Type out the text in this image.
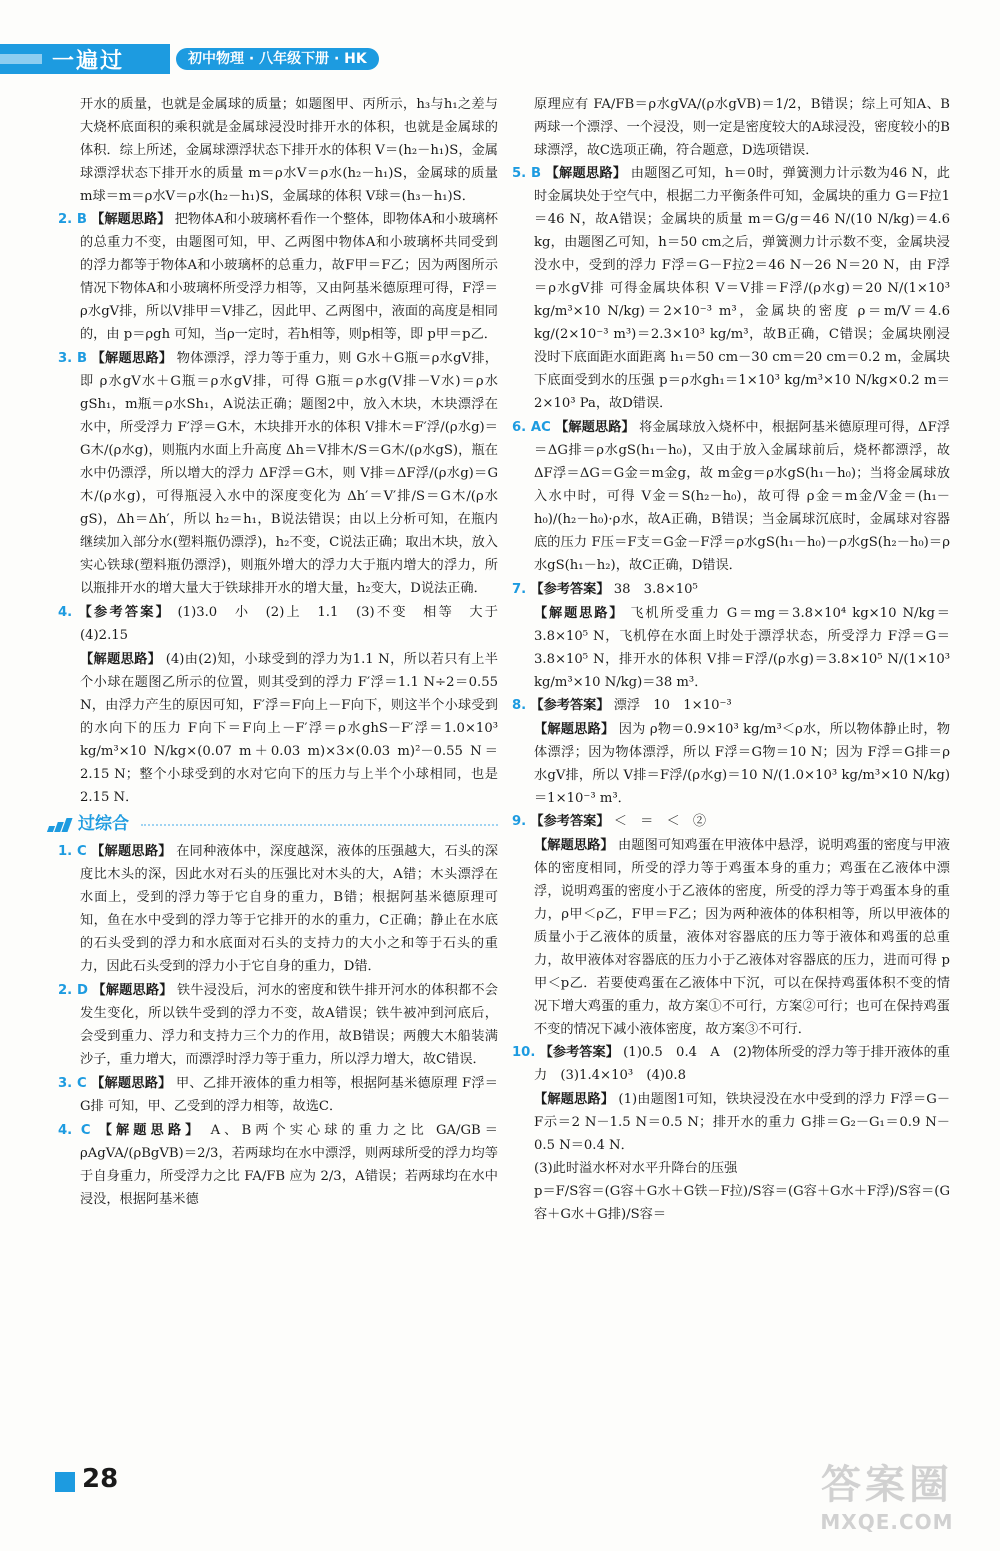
一遍过	初中物理 · 八年级下册 · HK

开水的质量，也就是金属球的质量；如题图甲、丙所示，h₃与h₁之差与大烧杯底面积的乘积就是金属球浸没时排开水的体积，也就是金属球的体积．综上所述，金属球漂浮状态下排开水的体积 V＝(h₂－h₁)S，金属球漂浮状态下排开水的质量 m＝ρ水V＝ρ水(h₂－h₁)S，金属球的质量 m球＝m＝ρ水V＝ρ水(h₂－h₁)S，金属球的体积 V球＝(h₃－h₁)S．

2. B 【解题思路】 把物体A和小玻璃杯看作一个整体，即物体A和小玻璃杯的总重力不变，由题图可知，甲、乙两图中物体A和小玻璃杯共同受到的浮力都等于物体A和小玻璃杯的总重力，故F甲＝F乙；因为两图所示情况下物体A和小玻璃杯所受浮力相等，又由阿基米德原理可得，F浮＝ρ水gV排，所以V排甲＝V排乙，因此甲、乙两图中，液面的高度是相同的，由 p＝ρgh 可知，当ρ一定时，若h相等，则p相等，即 p甲＝p乙．

3. B 【解题思路】 物体漂浮，浮力等于重力，则 G水＋G瓶＝ρ水gV排，即 ρ水gV水＋G瓶＝ρ水gV排，可得 G瓶＝ρ水g(V排－V水)＝ρ水gSh₁，m瓶＝ρ水Sh₁，A说法正确；题图2中，放入木块，木块漂浮在水中，所受浮力 F′浮＝G木，木块排开水的体积 V排木＝F′浮/(ρ水g)＝G木/(ρ水g)，则瓶内水面上升高度 Δh＝V排木/S＝G木/(ρ水gS)，瓶在水中仍漂浮，所以增大的浮力 ΔF浮＝G木，则 V排＝ΔF浮/(ρ水g)＝G木/(ρ水g)，可得瓶浸入水中的深度变化为 Δh′＝V′排/S＝G木/(ρ水gS)，Δh＝Δh′，所以 h₂＝h₁，B说法错误；由以上分析可知，在瓶内继续加入部分水(塑料瓶仍漂浮)，h₂不变，C说法正确；取出木块，放入实心铁球(塑料瓶仍漂浮)，则瓶外增大的浮力大于瓶内增大的浮力，所以瓶排开水的增大量大于铁球排开水的增大量，h₂变大，D说法正确．

4. 【参考答案】 (1)3.0　小　(2)上　1.1　(3)不变　相等　大于　(4)2.15

【解题思路】 (4)由(2)知，小球受到的浮力为1.1 N，所以若只有上半个小球在题图乙所示的位置，则其受到的浮力 F′浮＝1.1 N÷2＝0.55 N，由浮力产生的原因可知，F′浮＝F向上－F向下，则这半个小球受到的水向下的压力 F向下＝F向上－F′浮＝ρ水ghS－F′浮＝1.0×10³ kg/m³×10 N/kg×(0.07 m＋0.03 m)×3×(0.03 m)²－0.55 N＝2.15 N；整个小球受到的水对它向下的压力与上半个小球相同，也是2.15 N．

过综合

1. C 【解题思路】 在同种液体中，深度越深，液体的压强越大，石头的深度比木头的深，因此水对石头的压强比对木头的大，A错；木头漂浮在水面上，受到的浮力等于它自身的重力，B错；根据阿基米德原理可知，鱼在水中受到的浮力等于它排开的水的重力，C正确；静止在水底的石头受到的浮力和水底面对石头的支持力的大小之和等于石头的重力，因此石头受到的浮力小于它自身的重力，D错．

2. D 【解题思路】 铁牛浸没后，河水的密度和铁牛排开河水的体积都不会发生变化，所以铁牛受到的浮力不变，故A错误；铁牛被冲到河底后，会受到重力、浮力和支持力三个力的作用，故B错误；两艘大木船装满沙子，重力增大，而漂浮时浮力等于重力，所以浮力增大，故C错误．

3. C 【解题思路】 甲、乙排开液体的重力相等，根据阿基米德原理 F浮＝G排 可知，甲、乙受到的浮力相等，故选C．

4. C 【解题思路】 A、B两个实心球的重力之比 GA/GB＝ρAgVA/(ρBgVB)＝2/3，若两球均在水中漂浮，则两球所受的浮力均等于自身重力，所受浮力之比 FA/FB 应为 2/3，A错误；若两球均在水中浸没，根据阿基米德

原理应有 FA/FB＝ρ水gVA/(ρ水gVB)＝1/2，B错误；综上可知A、B两球一个漂浮、一个浸没，则一定是密度较大的A球浸没，密度较小的B球漂浮，故C选项正确，符合题意，D选项错误．

5. B 【解题思路】 由题图乙可知，h＝0时，弹簧测力计示数为46 N，此时金属块处于空气中，根据二力平衡条件可知，金属块的重力 G＝F拉1＝46 N，故A错误；金属块的质量 m＝G/g＝46 N/(10 N/kg)＝4.6 kg，由题图乙可知，h＝50 cm之后，弹簧测力计示数不变，金属块浸没水中，受到的浮力 F浮＝G－F拉2＝46 N－26 N＝20 N，由 F浮＝ρ水gV排 可得金属块体积 V＝V排＝F浮/(ρ水g)＝20 N/(1×10³ kg/m³×10 N/kg)＝2×10⁻³ m³，金属块的密度 ρ＝m/V＝4.6 kg/(2×10⁻³ m³)＝2.3×10³ kg/m³，故B正确，C错误；金属块刚浸没时下底面距水面距离 h₁＝50 cm－30 cm＝20 cm＝0.2 m，金属块下底面受到水的压强 p＝ρ水gh₁＝1×10³ kg/m³×10 N/kg×0.2 m＝2×10³ Pa，故D错误．

6. AC 【解题思路】 将金属球放入烧杯中，根据阿基米德原理可得，ΔF浮＝ΔG排＝ρ水gS(h₁－h₀)，又由于放入金属球前后，烧杯都漂浮，故 ΔF浮＝ΔG＝G金＝m金g，故 m金g＝ρ水gS(h₁－h₀)；当将金属球放入水中时，可得 V金＝S(h₂－h₀)，故可得 ρ金＝m金/V金＝(h₁－h₀)/(h₂－h₀)·ρ水，故A正确，B错误；当金属球沉底时，金属球对容器底的压力 F压＝F支＝G金－F浮＝ρ水gS(h₁－h₀)－ρ水gS(h₂－h₀)＝ρ水gS(h₁－h₂)，故C正确，D错误．

7. 【参考答案】 38　3.8×10⁵

【解题思路】 飞机所受重力 G＝mg＝3.8×10⁴ kg×10 N/kg＝3.8×10⁵ N，飞机停在水面上时处于漂浮状态，所受浮力 F浮＝G＝3.8×10⁵ N，排开水的体积 V排＝F浮/(ρ水g)＝3.8×10⁵ N/(1×10³ kg/m³×10 N/kg)＝38 m³．

8. 【参考答案】 漂浮　10　1×10⁻³

【解题思路】 因为 ρ物＝0.9×10³ kg/m³＜ρ水，所以物体静止时，物体漂浮；因为物体漂浮，所以 F浮＝G物＝10 N；因为 F浮＝G排＝ρ水gV排，所以 V排＝F浮/(ρ水g)＝10 N/(1.0×10³ kg/m³×10 N/kg)＝1×10⁻³ m³．

9. 【参考答案】 ＜　＝　＜　②

【解题思路】 由题图可知鸡蛋在甲液体中悬浮，说明鸡蛋的密度与甲液体的密度相同，所受的浮力等于鸡蛋本身的重力；鸡蛋在乙液体中漂浮，说明鸡蛋的密度小于乙液体的密度，所受的浮力等于鸡蛋本身的重力，ρ甲＜ρ乙，F甲＝F乙；因为两种液体的体积相等，所以甲液体的质量小于乙液体的质量，液体对容器底的压力等于液体和鸡蛋的总重力，故甲液体对容器底的压力小于乙液体对容器底的压力，进而可得 p甲＜p乙．若要使鸡蛋在乙液体中下沉，可以在保持鸡蛋体积不变的情况下增大鸡蛋的重力，故方案①不可行，方案②可行；也可在保持鸡蛋不变的情况下减小液体密度，故方案③不可行．

10. 【参考答案】 (1)0.5　0.4　A　(2)物体所受的浮力等于排开液体的重力　(3)1.4×10³　(4)0.8

【解题思路】 (1)由题图1可知，铁块浸没在水中受到的浮力 F浮＝G－F示＝2 N－1.5 N＝0.5 N；排开水的重力 G排＝G₂－G₁＝0.9 N－0.5 N＝0.4 N．

(3)此时溢水杯对水平升降台的压强

p＝F/S容＝(G容＋G水＋G铁－F拉)/S容＝(G容＋G水＋F浮)/S容＝(G容＋G水＋G排)/S容＝

28	答案圈
MXQE.COM
